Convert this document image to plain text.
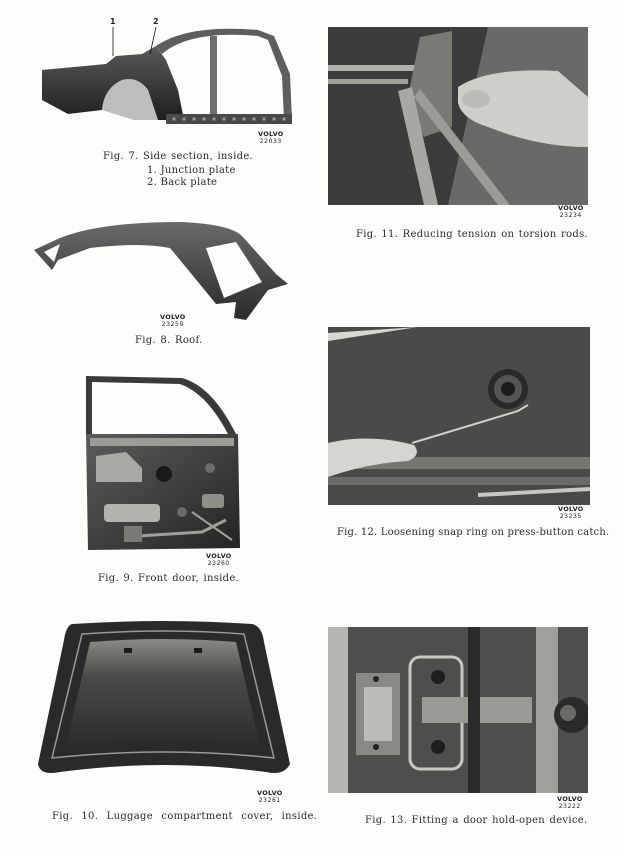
1	2
VOLVO
22033
Fig. 7. Side section, inside.
1. Junction plate
2. Back plate
VOLVO
23259
Fig. 8. Roof.
VOLVO
23260
Fig. 9. Front door, inside.
VOLVO
23261
Fig. 10. Luggage compartment cover, inside.
VOLVO
23234
Fig. 11. Reducing tension on torsion rods.
VOLVO
23235
Fig. 12. Loosening snap ring on press-button catch.
VOLVO
23222
Fig. 13. Fitting a door hold-open device.
